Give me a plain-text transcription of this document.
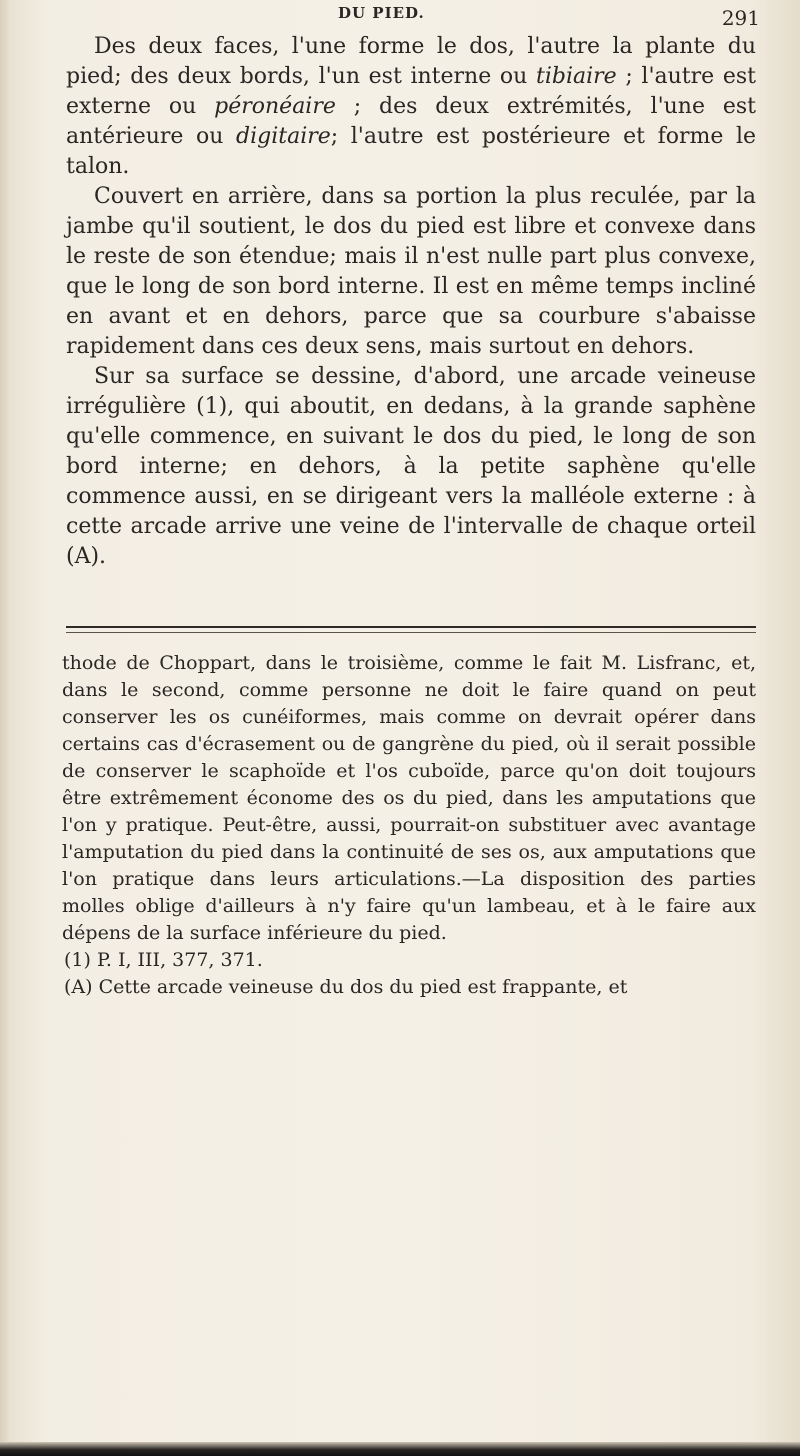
DU PIED.	291

Des deux faces, l'une forme le dos, l'autre la plante du pied; des deux bords, l'un est interne ou tibiaire ; l'autre est externe ou péronéaire ; des deux extrémités, l'une est antérieure ou digitaire; l'autre est postérieure et forme le talon.

Couvert en arrière, dans sa portion la plus reculée, par la jambe qu'il soutient, le dos du pied est libre et convexe dans le reste de son étendue; mais il n'est nulle part plus convexe, que le long de son bord interne. Il est en même temps incliné en avant et en dehors, parce que sa courbure s'abaisse rapidement dans ces deux sens, mais surtout en dehors.

Sur sa surface se dessine, d'abord, une arcade veineuse irrégulière (1), qui aboutit, en dedans, à la grande saphène qu'elle commence, en suivant le dos du pied, le long de son bord interne; en dehors, à la petite saphène qu'elle commence aussi, en se dirigeant vers la malléole externe : à cette arcade arrive une veine de l'intervalle de chaque orteil (A).

thode de Choppart, dans le troisième, comme le fait M. Lisfranc, et, dans le second, comme personne ne doit le faire quand on peut conserver les os cunéiformes, mais comme on devrait opérer dans certains cas d'écrasement ou de gangrène du pied, où il serait possible de conserver le scaphoïde et l'os cuboïde, parce qu'on doit toujours être extrêmement économe des os du pied, dans les amputations que l'on y pratique. Peut-être, aussi, pourrait-on substituer avec avantage l'amputation du pied dans la continuité de ses os, aux amputations que l'on pratique dans leurs articulations.—La disposition des parties molles oblige d'ailleurs à n'y faire qu'un lambeau, et à le faire aux dépens de la surface inférieure du pied.

(1) P. I, III, 377, 371.

(A) Cette arcade veineuse du dos du pied est frappante, et
